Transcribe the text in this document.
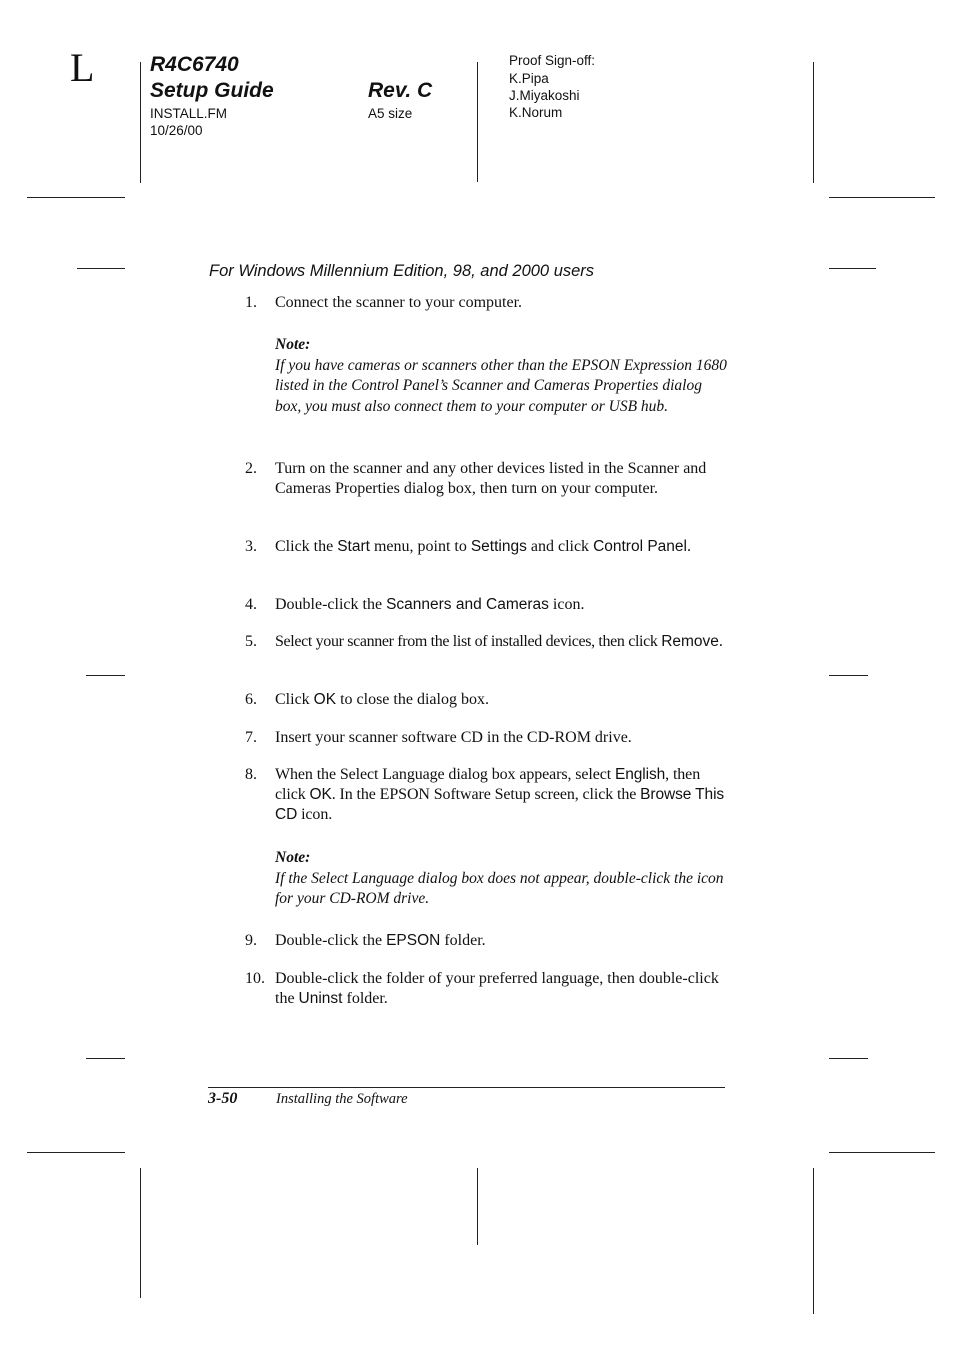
L	R4C6740
Setup Guide	Rev. C
INSTALL.FM
10/26/00
A5 size
Proof Sign-off:
K.Pipa
J.Miyakoshi
K.Norum
For Windows Millennium Edition, 98, and 2000 users
1. Connect the scanner to your computer.
Note:
If you have cameras or scanners other than the EPSON Expression 1680 listed in the Control Panel’s Scanner and Cameras Properties dialog box, you must also connect them to your computer or USB hub.
2. Turn on the scanner and any other devices listed in the Scanner and Cameras Properties dialog box, then turn on your computer.
3. Click the Start menu, point to Settings and click Control Panel.
4. Double-click the Scanners and Cameras icon.
5. Select your scanner from the list of installed devices, then click Remove.
6. Click OK to close the dialog box.
7. Insert your scanner software CD in the CD-ROM drive.
8. When the Select Language dialog box appears, select English, then click OK. In the EPSON Software Setup screen, click the Browse This CD icon.
Note:
If the Select Language dialog box does not appear, double-click the icon for your CD-ROM drive.
9. Double-click the EPSON folder.
10. Double-click the folder of your preferred language, then double-click the Uninst folder.
3-50	Installing the Software
